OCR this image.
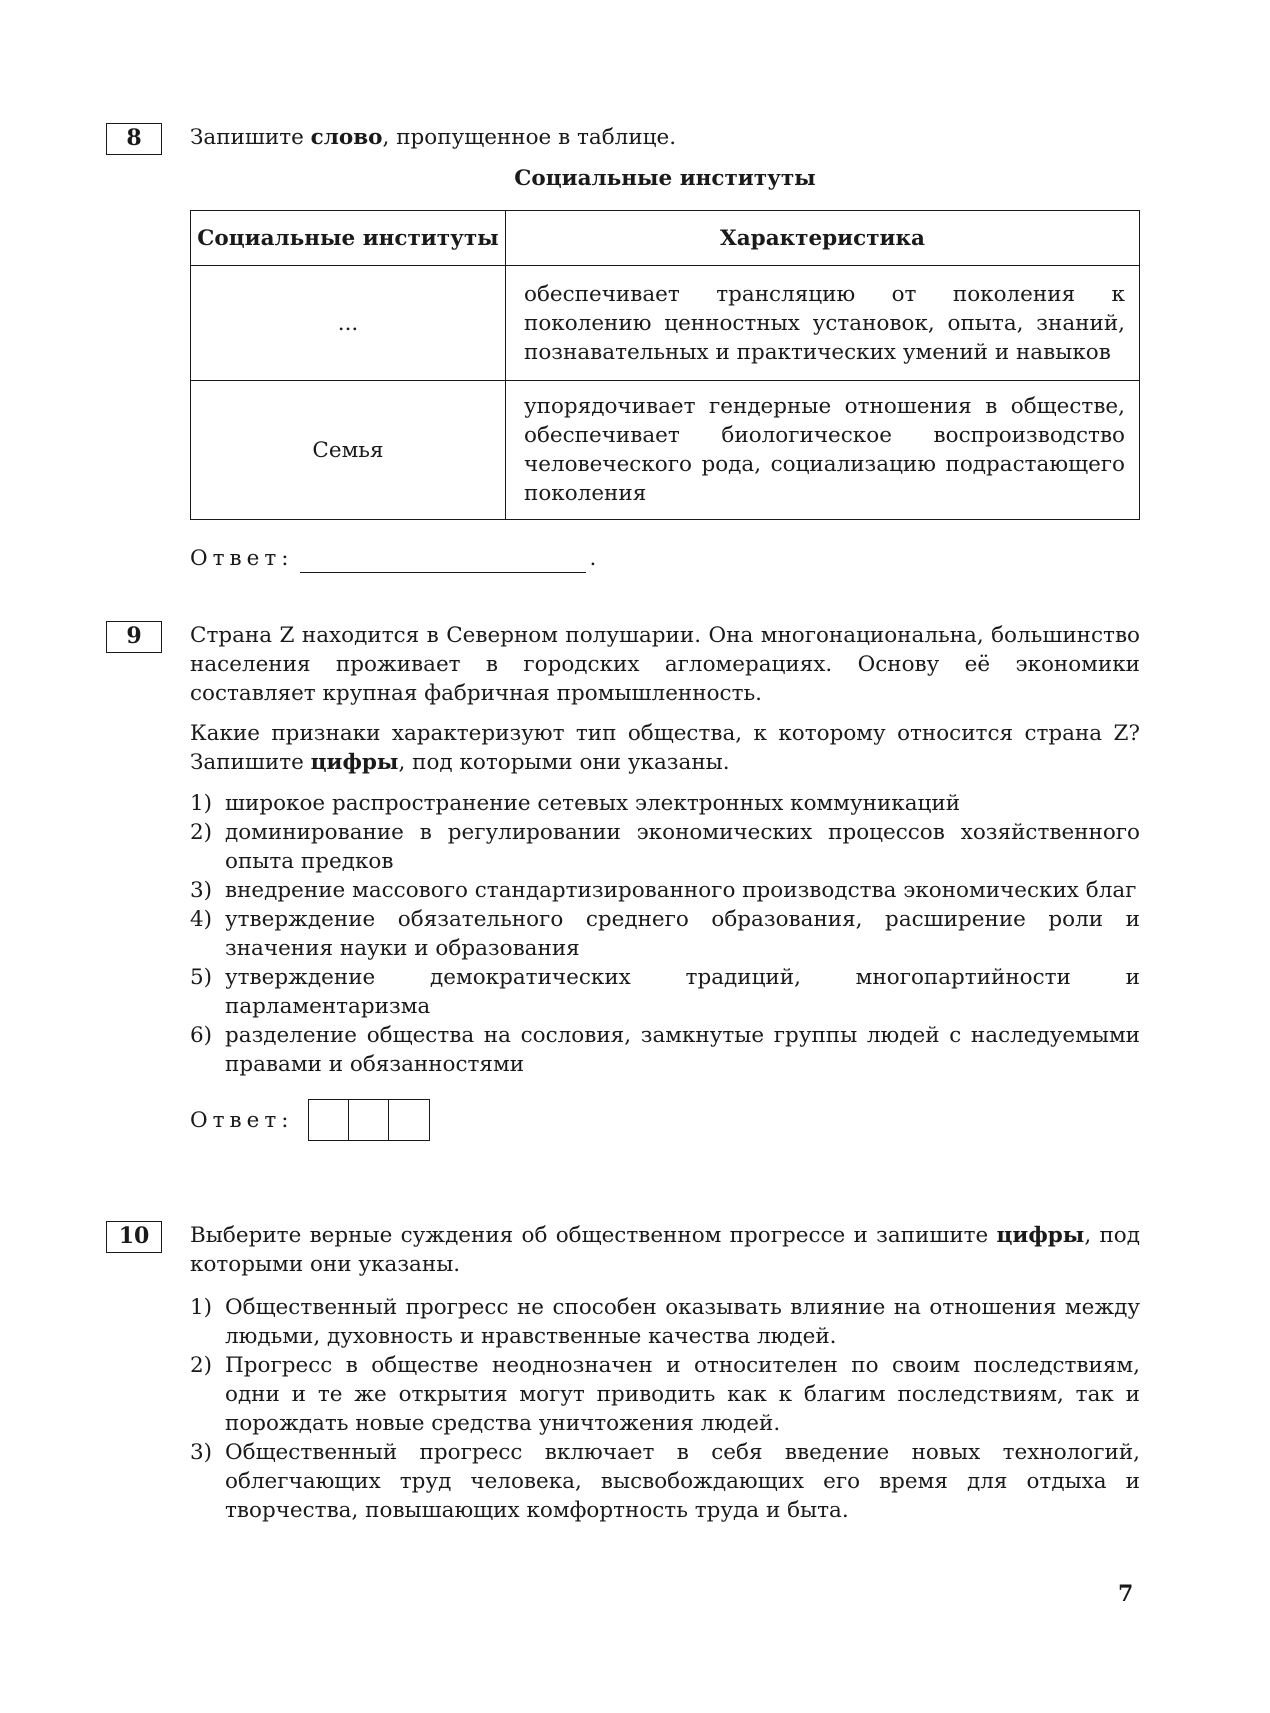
8	Запишите слово, пропущенное в таблице.

Социальные институты

Социальные институты	Характеристика
...	обеспечивает трансляцию от поколения к поколению ценностных установок, опыта, знаний, познавательных и практических умений и навыков
Семья	упорядочивает гендерные отношения в обществе, обеспечивает биологическое воспроизводство человеческого рода, социализацию подрастающего поколения
Ответ:	.
9	Страна Z находится в Северном полушарии. Она многонациональна, большинство населения проживает в городских агломерациях. Основу её экономики составляет крупная фабричная промышленность.

Какие признаки характеризуют тип общества, к которому относится страна Z? Запишите цифры, под которыми они указаны.

1) широкое распространение сетевых электронных коммуникаций
2) доминирование в регулировании экономических процессов хозяйственного опыта предков
3) внедрение массового стандартизированного производства экономических благ
4) утверждение обязательного среднего образования, расширение роли и значения науки и образования
5) утверждение демократических традиций, многопартийности и парламентаризма
6) разделение общества на сословия, замкнутые группы людей с наследуемыми правами и обязанностями
Ответ:
10	Выберите верные суждения об общественном прогрессе и запишите цифры, под которыми они указаны.

1) Общественный прогресс не способен оказывать влияние на отношения между людьми, духовность и нравственные качества людей.
2) Прогресс в обществе неоднозначен и относителен по своим последствиям, одни и те же открытия могут приводить как к благим последствиям, так и порождать новые средства уничтожения людей.
3) Общественный прогресс включает в себя введение новых технологий, облегчающих труд человека, высвобождающих его время для отдыха и творчества, повышающих комфортность труда и быта.
7
